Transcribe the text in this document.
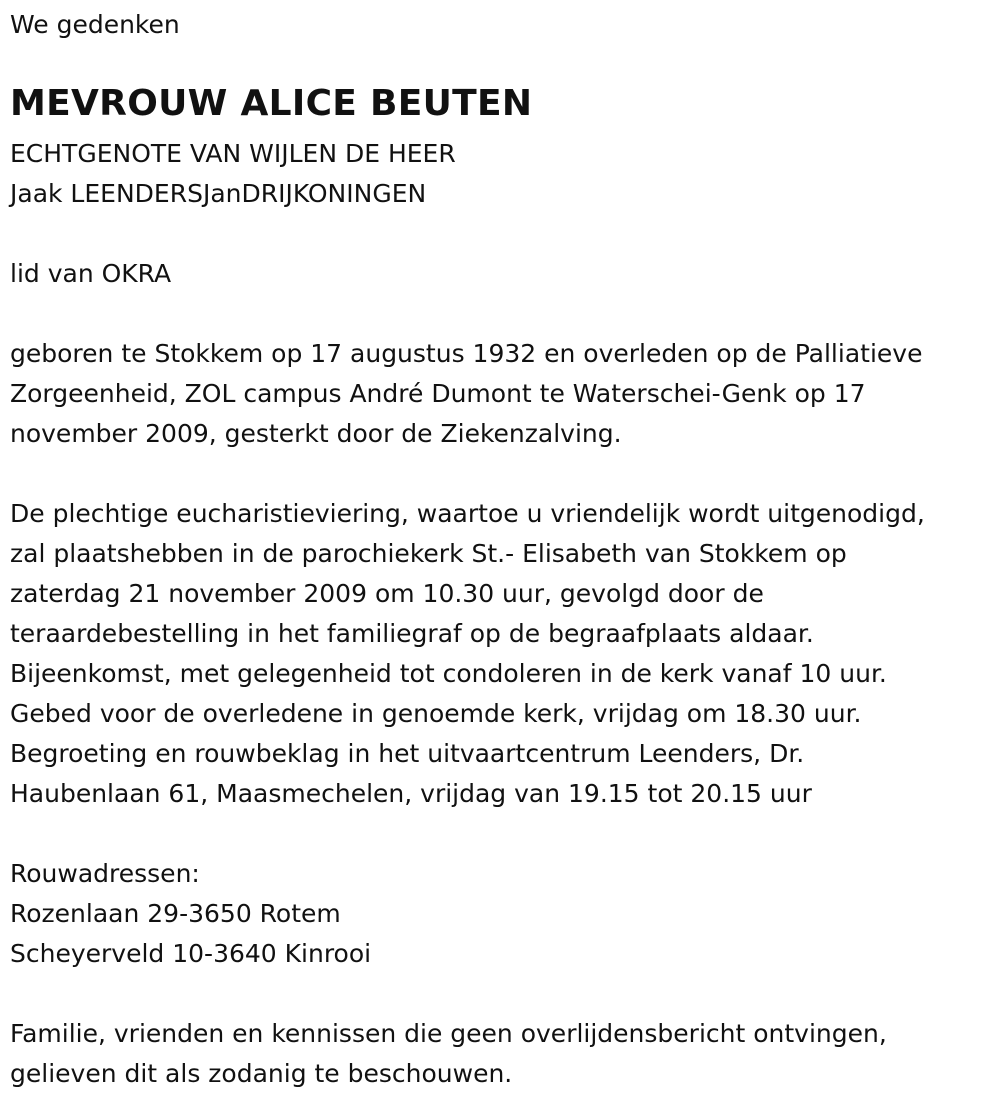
We gedenken

MEVROUW ALICE BEUTEN

ECHTGENOTE VAN WIJLEN DE HEER

Jaak LEENDERSJanDRIJKONINGEN

lid van OKRA

geboren te Stokkem op 17 augustus 1932 en overleden op de Palliatieve

Zorgeenheid, ZOL campus André Dumont te Waterschei-Genk op 17

november 2009, gesterkt door de Ziekenzalving.

De plechtige eucharistieviering, waartoe u vriendelijk wordt uitgenodigd,

zal plaatshebben in de parochiekerk St.- Elisabeth van Stokkem op

zaterdag 21 november 2009 om 10.30 uur, gevolgd door de

teraardebestelling in het familiegraf op de begraafplaats aldaar.

Bijeenkomst, met gelegenheid tot condoleren in de kerk vanaf 10 uur.

Gebed voor de overledene in genoemde kerk, vrijdag om 18.30 uur.

Begroeting en rouwbeklag in het uitvaartcentrum Leenders, Dr.

Haubenlaan 61, Maasmechelen, vrijdag van 19.15 tot 20.15 uur

Rouwadressen:

Rozenlaan 29-3650 Rotem

Scheyerveld 10-3640 Kinrooi

Familie, vrienden en kennissen die geen overlijdensbericht ontvingen,

gelieven dit als zodanig te beschouwen.
